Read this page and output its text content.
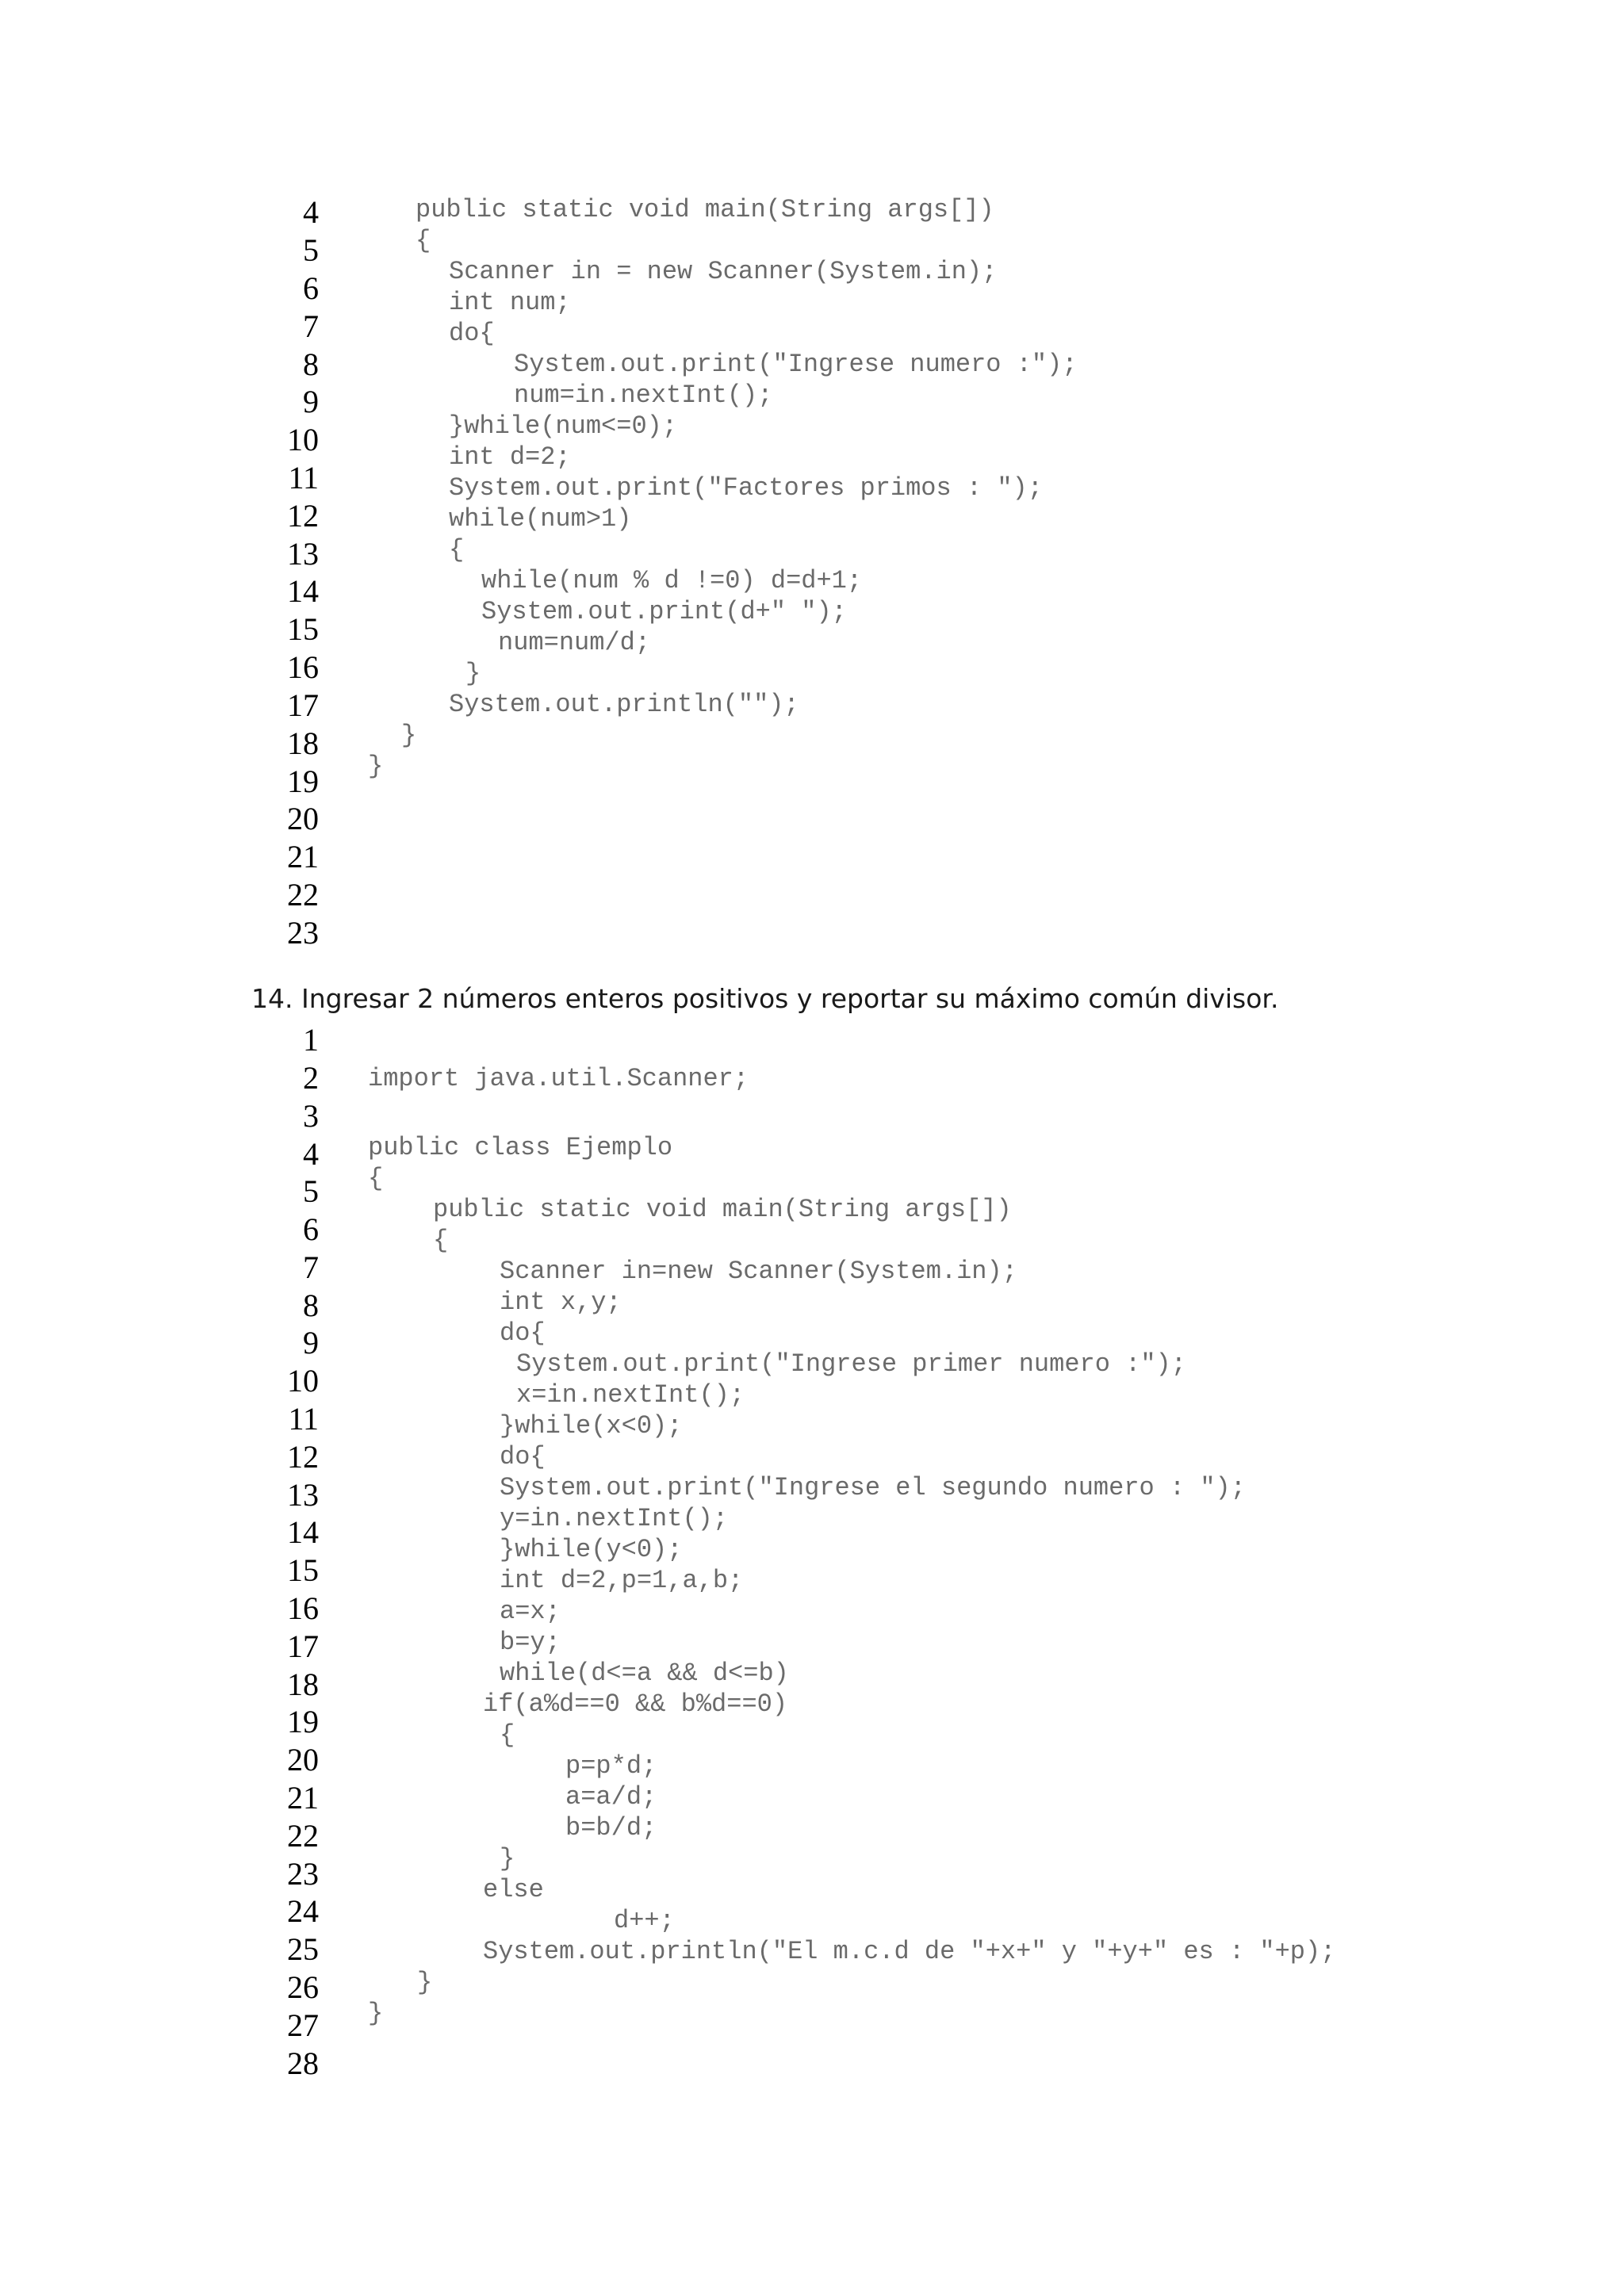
4
5
6
7
8
9
10
11
12
13
14
15
16
17
18
19
20
21
22
23
public static void main(String args[])
{
Scanner in = new Scanner(System.in);
int num;
do{
System.out.print("Ingrese numero :");
num=in.nextInt();
}while(num<=0);
int d=2;
System.out.print("Factores primos : ");
while(num>1)
{
while(num % d !=0) d=d+1;
System.out.print(d+" ");
num=num/d;
}
System.out.println("");
}
}

14. Ingresar 2 números enteros positivos y reportar su máximo común divisor.

1
2
3
4
5
6
7
8
9
10
11
12
13
14
15
16
17
18
19
20
21
22
23
24
25
26
27
28
import java.util.Scanner;
public class Ejemplo
{
public static void main(String args[])
{
Scanner in=new Scanner(System.in);
int x,y;
do{
System.out.print("Ingrese primer numero :");
x=in.nextInt();
}while(x<0);
do{
System.out.print("Ingrese el segundo numero : ");
y=in.nextInt();
}while(y<0);
int d=2,p=1,a,b;
a=x;
b=y;
while(d<=a && d<=b)
if(a%d==0 && b%d==0)
{
p=p*d;
a=a/d;
b=b/d;
}
else
d++;
System.out.println("El m.c.d de "+x+" y "+y+" es : "+p);
}
}
